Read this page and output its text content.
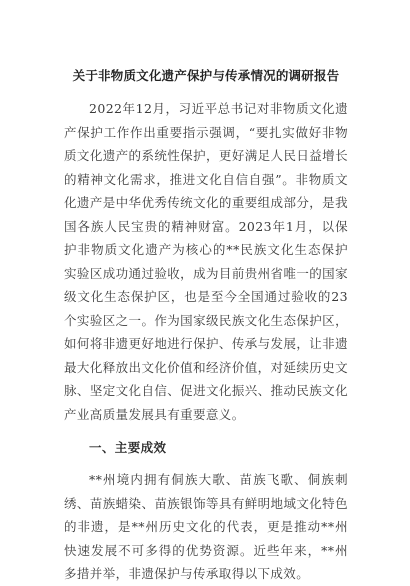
关于非物质文化遗产保护与传承情况的调研报告

2022年12月，习近平总书记对非物质文化遗产保护工作作出重要指示强调，“要扎实做好非物质文化遗产的系统性保护，更好满足人民日益增长的精神文化需求，推进文化自信自强”。非物质文化遗产是中华优秀传统文化的重要组成部分，是我国各族人民宝贵的精神财富。2023年1月，以保护非物质文化遗产为核心的**民族文化生态保护实验区成功通过验收，成为目前贵州省唯一的国家级文化生态保护区，也是至今全国通过验收的23个实验区之一。作为国家级民族文化生态保护区，如何将非遗更好地进行保护、传承与发展，让非遗最大化释放出文化价值和经济价值，对延续历史文脉、坚定文化自信、促进文化振兴、推动民族文化产业高质量发展具有重要意义。

一、主要成效

**州境内拥有侗族大歌、苗族飞歌、侗族刺绣、苗族蜡染、苗族银饰等具有鲜明地域文化特色的非遗，是**州历史文化的代表，更是推动**州快速发展不可多得的优势资源。近些年来，**州多措并举，非遗保护与传承取得以下成效。
